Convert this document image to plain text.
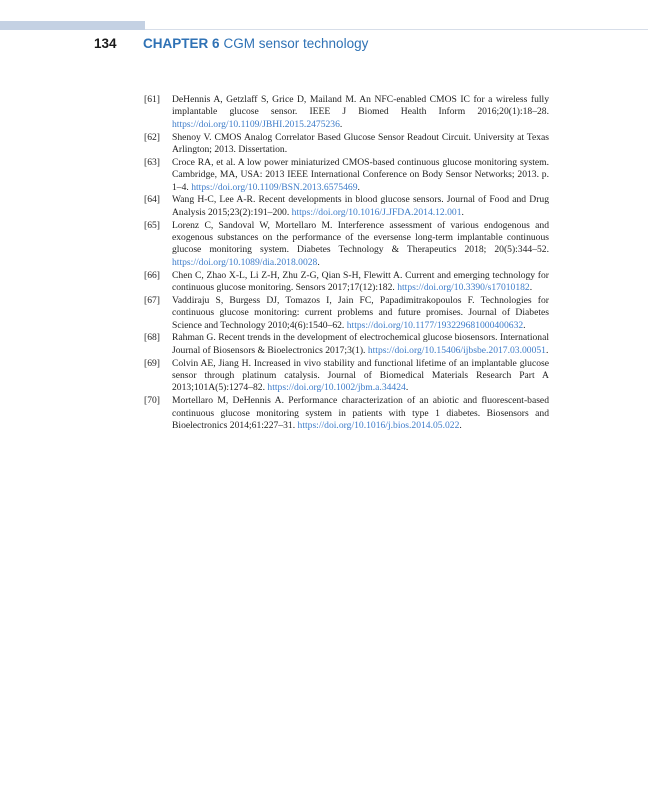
134 CHAPTER 6 CGM sensor technology
[61] DeHennis A, Getzlaff S, Grice D, Mailand M. An NFC-enabled CMOS IC for a wireless fully implantable glucose sensor. IEEE J Biomed Health Inform 2016;20(1):18–28. https://doi.org/10.1109/JBHI.2015.2475236.
[62] Shenoy V. CMOS Analog Correlator Based Glucose Sensor Readout Circuit. University at Texas Arlington; 2013. Dissertation.
[63] Croce RA, et al. A low power miniaturized CMOS-based continuous glucose monitoring system. Cambridge, MA, USA: 2013 IEEE International Conference on Body Sensor Networks; 2013. p. 1–4. https://doi.org/10.1109/BSN.2013.6575469.
[64] Wang H-C, Lee A-R. Recent developments in blood glucose sensors. Journal of Food and Drug Analysis 2015;23(2):191–200. https://doi.org/10.1016/J.JFDA.2014.12.001.
[65] Lorenz C, Sandoval W, Mortellaro M. Interference assessment of various endogenous and exogenous substances on the performance of the eversense long-term implantable continuous glucose monitoring system. Diabetes Technology & Therapeutics 2018; 20(5):344–52. https://doi.org/10.1089/dia.2018.0028.
[66] Chen C, Zhao X-L, Li Z-H, Zhu Z-G, Qian S-H, Flewitt A. Current and emerging technology for continuous glucose monitoring. Sensors 2017;17(12):182. https://doi.org/10.3390/s17010182.
[67] Vaddiraju S, Burgess DJ, Tomazos I, Jain FC, Papadimitrakopoulos F. Technologies for continuous glucose monitoring: current problems and future promises. Journal of Diabetes Science and Technology 2010;4(6):1540–62. https://doi.org/10.1177/193229681000400632.
[68] Rahman G. Recent trends in the development of electrochemical glucose biosensors. International Journal of Biosensors & Bioelectronics 2017;3(1). https://doi.org/10.15406/ijbsbe.2017.03.00051.
[69] Colvin AE, Jiang H. Increased in vivo stability and functional lifetime of an implantable glucose sensor through platinum catalysis. Journal of Biomedical Materials Research Part A 2013;101A(5):1274–82. https://doi.org/10.1002/jbm.a.34424.
[70] Mortellaro M, DeHennis A. Performance characterization of an abiotic and fluorescent-based continuous glucose monitoring system in patients with type 1 diabetes. Biosensors and Bioelectronics 2014;61:227–31. https://doi.org/10.1016/j.bios.2014.05.022.
